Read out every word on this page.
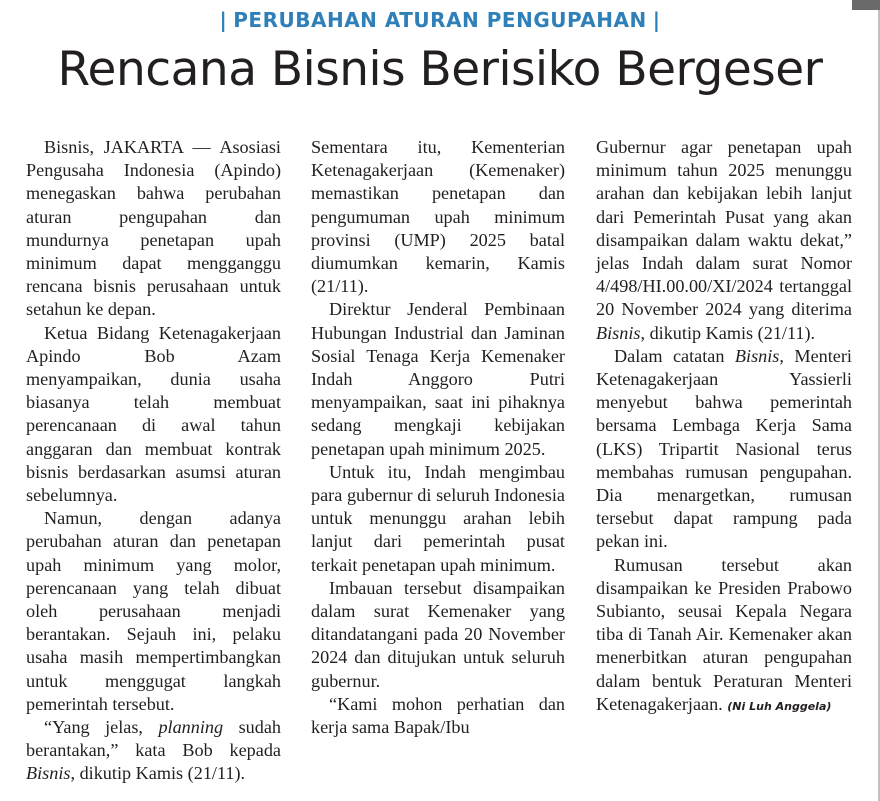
| PERUBAHAN ATURAN PENGUPAHAN |
Rencana Bisnis Berisiko Bergeser

Bisnis, JAKARTA — Asosiasi Pengusaha Indonesia (Apindo) menegaskan bahwa perubahan aturan pengupahan dan mundurnya penetapan upah minimum dapat mengganggu rencana bisnis perusahaan untuk setahun ke depan.

Ketua Bidang Ketenagakerjaan Apindo Bob Azam menyampaikan, dunia usaha biasanya telah membuat perencanaan di awal tahun anggaran dan membuat kontrak bisnis berdasarkan asumsi aturan sebelumnya.

Namun, dengan adanya perubahan aturan dan penetapan upah minimum yang molor, perencanaan yang telah dibuat oleh perusahaan menjadi berantakan. Sejauh ini, pelaku usaha masih mempertimbangkan untuk menggugat langkah pemerintah tersebut.

“Yang jelas, planning sudah berantakan,” kata Bob kepada Bisnis, dikutip Kamis (21/11).

Sementara itu, Kementerian Ketenagakerjaan (Kemenaker) memastikan penetapan dan pengumuman upah minimum provinsi (UMP) 2025 batal diumumkan kemarin, Kamis (21/11).

Direktur Jenderal Pembinaan Hubungan Industrial dan Jaminan Sosial Tenaga Kerja Kemenaker Indah Anggoro Putri menyampaikan, saat ini pihaknya sedang mengkaji kebijakan penetapan upah minimum 2025.

Untuk itu, Indah mengimbau para gubernur di seluruh Indonesia untuk menunggu arahan lebih lanjut dari pemerintah pusat terkait penetapan upah minimum.

Imbauan tersebut disampaikan dalam surat Kemenaker yang ditandatangani pada 20 November 2024 dan ditujukan untuk seluruh gubernur.

“Kami mohon perhatian dan kerja sama Bapak/Ibu

Gubernur agar penetapan upah minimum tahun 2025 menunggu arahan dan kebijakan lebih lanjut dari Pemerintah Pusat yang akan disampaikan dalam waktu dekat,” jelas Indah dalam surat Nomor 4/498/HI.00.00/XI/2024 tertanggal 20 November 2024 yang diterima Bisnis, dikutip Kamis (21/11).

Dalam catatan Bisnis, Menteri Ketenagakerjaan Yassierli menyebut bahwa pemerintah bersama Lembaga Kerja Sama (LKS) Tripartit Nasional terus membahas rumusan pengupahan. Dia menargetkan, rumusan tersebut dapat rampung pada pekan ini.

Rumusan tersebut akan disampaikan ke Presiden Prabowo Subianto, seusai Kepala Negara tiba di Tanah Air. Kemenaker akan menerbitkan aturan pengupahan dalam bentuk Peraturan Menteri Ketenagakerjaan. (Ni Luh Anggela)
